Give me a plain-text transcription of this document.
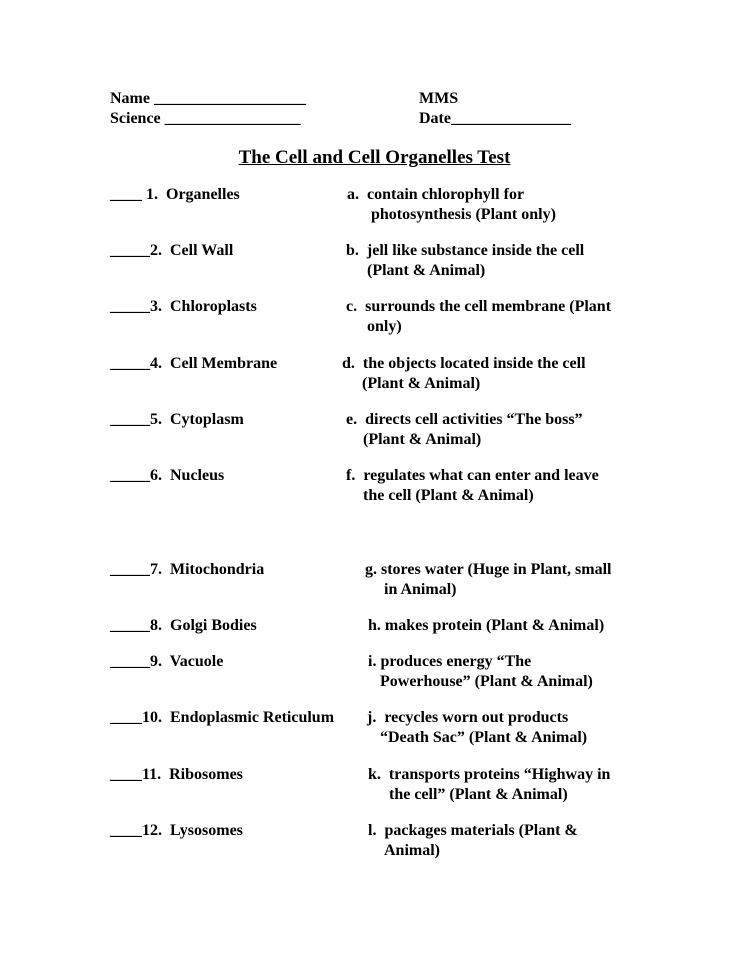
Name ___________________
Science _________________
MMS
Date_______________
The Cell and Cell Organelles Test
____ 1.  Organelles	a.  contain chlorophyll for
photosynthesis (Plant only)
_____2.  Cell Wall	b.  jell like substance inside the cell
(Plant & Animal)
_____3.  Chloroplasts	c.  surrounds the cell membrane (Plant
only)
_____4.  Cell Membrane	d.  the objects located inside the cell
(Plant & Animal)
_____5.  Cytoplasm	e.  directs cell activities “The boss”
(Plant & Animal)
_____6.  Nucleus	f.  regulates what can enter and leave
the cell (Plant & Animal)
_____7.  Mitochondria	g. stores water (Huge in Plant, small
in Animal)
_____8.  Golgi Bodies	h. makes protein (Plant & Animal)
_____9.  Vacuole	i. produces energy “The
Powerhouse” (Plant & Animal)
____10.  Endoplasmic Reticulum j.  recycles worn out products
“Death Sac” (Plant & Animal)
____11.  Ribosomes	k.  transports proteins “Highway in
the cell” (Plant & Animal)
____12.  Lysosomes	l.  packages materials (Plant &
Animal)
